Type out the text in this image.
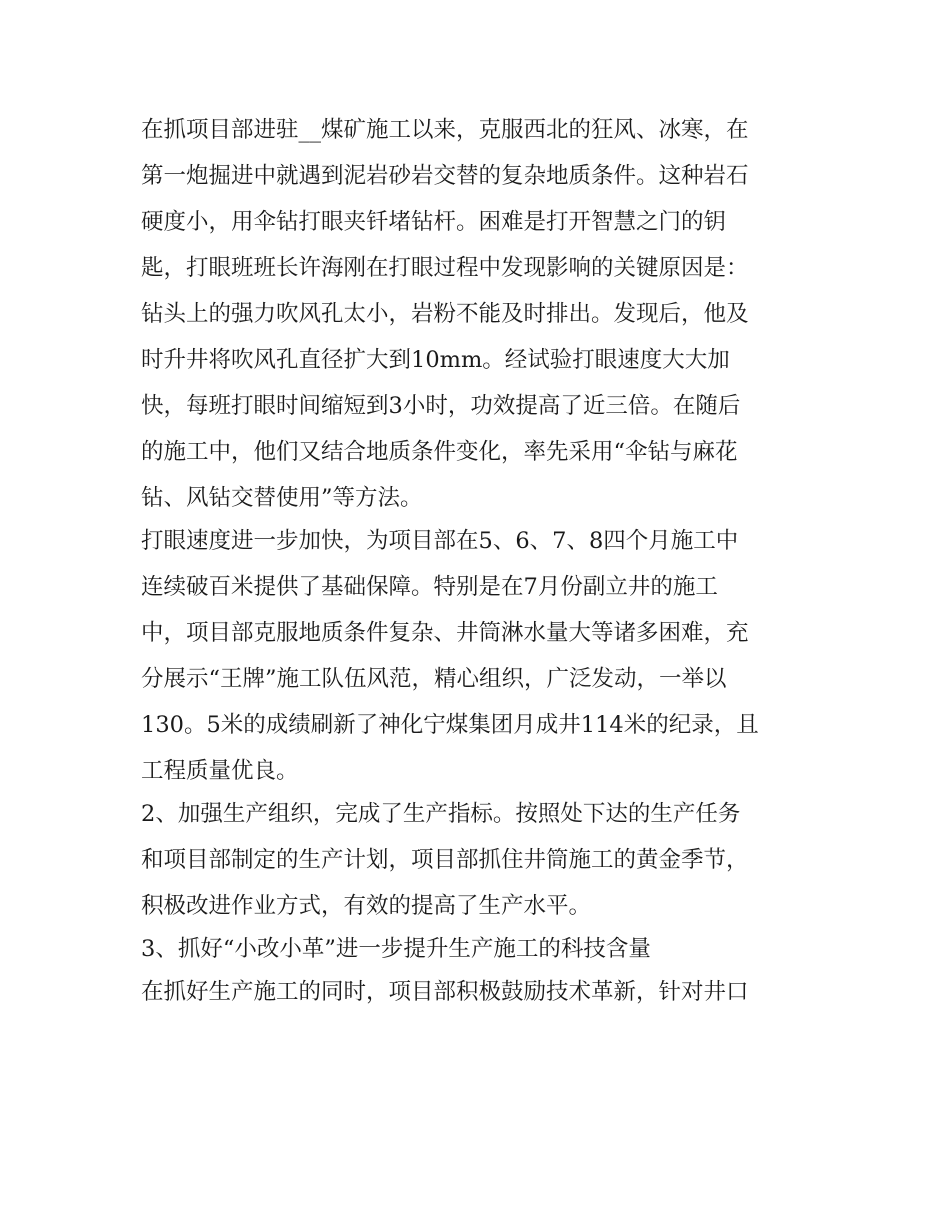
在抓项目部进驻__煤矿施工以来，克服西北的狂风、冰寒，在
第一炮掘进中就遇到泥岩砂岩交替的复杂地质条件。这种岩石
硬度小，用伞钻打眼夹钎堵钻杆。困难是打开智慧之门的钥
匙，打眼班班长许海刚在打眼过程中发现影响的关键原因是：
钻头上的强力吹风孔太小，岩粉不能及时排出。发现后，他及
时升井将吹风孔直径扩大到10mm。经试验打眼速度大大加
快，每班打眼时间缩短到3小时，功效提高了近三倍。在随后
的施工中，他们又结合地质条件变化，率先采用“伞钻与麻花
钻、风钻交替使用”等方法。
打眼速度进一步加快，为项目部在5、6、7、8四个月施工中
连续破百米提供了基础保障。特别是在7月份副立井的施工
中，项目部克服地质条件复杂、井筒淋水量大等诸多困难，充
分展示“王牌”施工队伍风范，精心组织，广泛发动，一举以
130。5米的成绩刷新了神化宁煤集团月成井114米的纪录，且
工程质量优良。
2、加强生产组织，完成了生产指标。按照处下达的生产任务
和项目部制定的生产计划，项目部抓住井筒施工的黄金季节，
积极改进作业方式，有效的提高了生产水平。
3、抓好“小改小革”进一步提升生产施工的科技含量
在抓好生产施工的同时，项目部积极鼓励技术革新，针对井口
